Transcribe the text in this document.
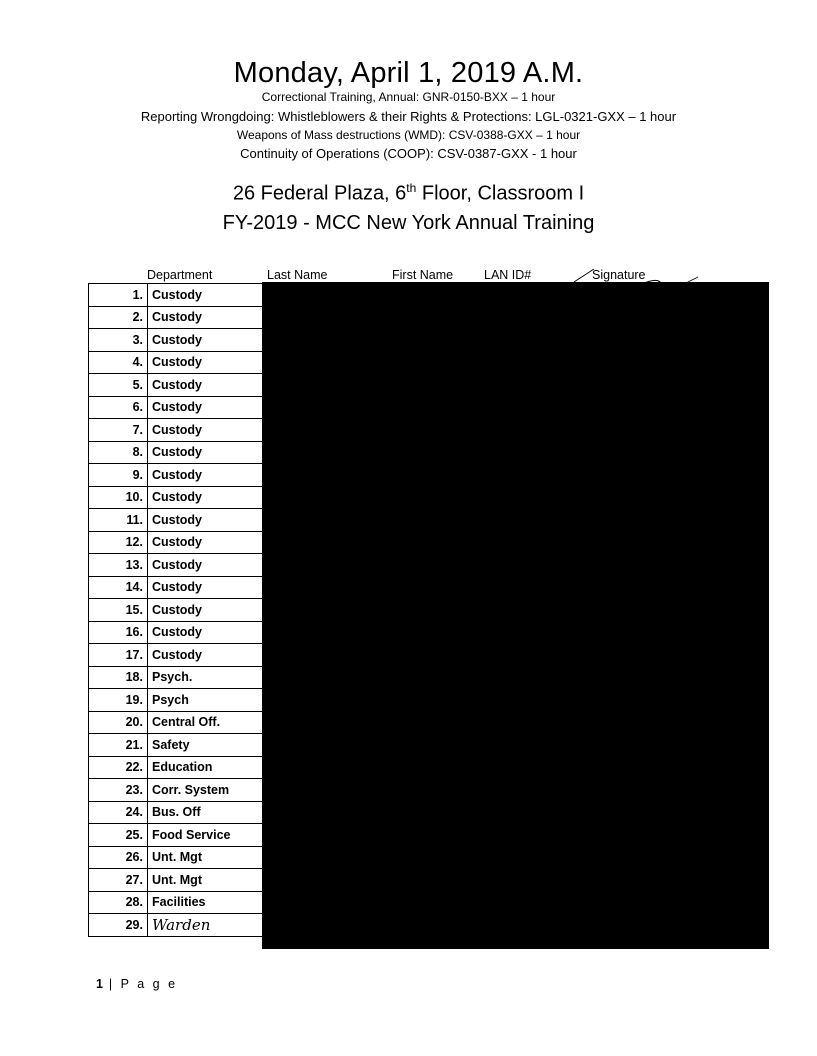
Monday, April 1, 2019 A.M.
Correctional Training, Annual: GNR-0150-BXX – 1 hour
Reporting Wrongdoing: Whistleblowers & their Rights & Protections: LGL-0321-GXX – 1 hour
Weapons of Mass destructions (WMD): CSV-0388-GXX – 1 hour
Continuity of Operations (COOP): CSV-0387-GXX - 1 hour
26 Federal Plaza, 6th Floor, Classroom I
FY-2019 - MCC New York Annual Training
Department	Last Name	First Name LAN ID#	Signature
1.	Custody
2.	Custody
3.	Custody
4.	Custody
5.	Custody
6.	Custody
7.	Custody
8.	Custody
9.	Custody
10.	Custody
11.	Custody
12.	Custody
13.	Custody
14.	Custody
15.	Custody
16.	Custody
17.	Custody
18.	Psych.
19.	Psych
20.	Central Off.
21.	Safety
22.	Education
23.	Corr. System
24.	Bus. Off
25.	Food Service
26.	Unt. Mgt
27.	Unt. Mgt
28.	Facilities
29.	Warden
1 | P a g e
